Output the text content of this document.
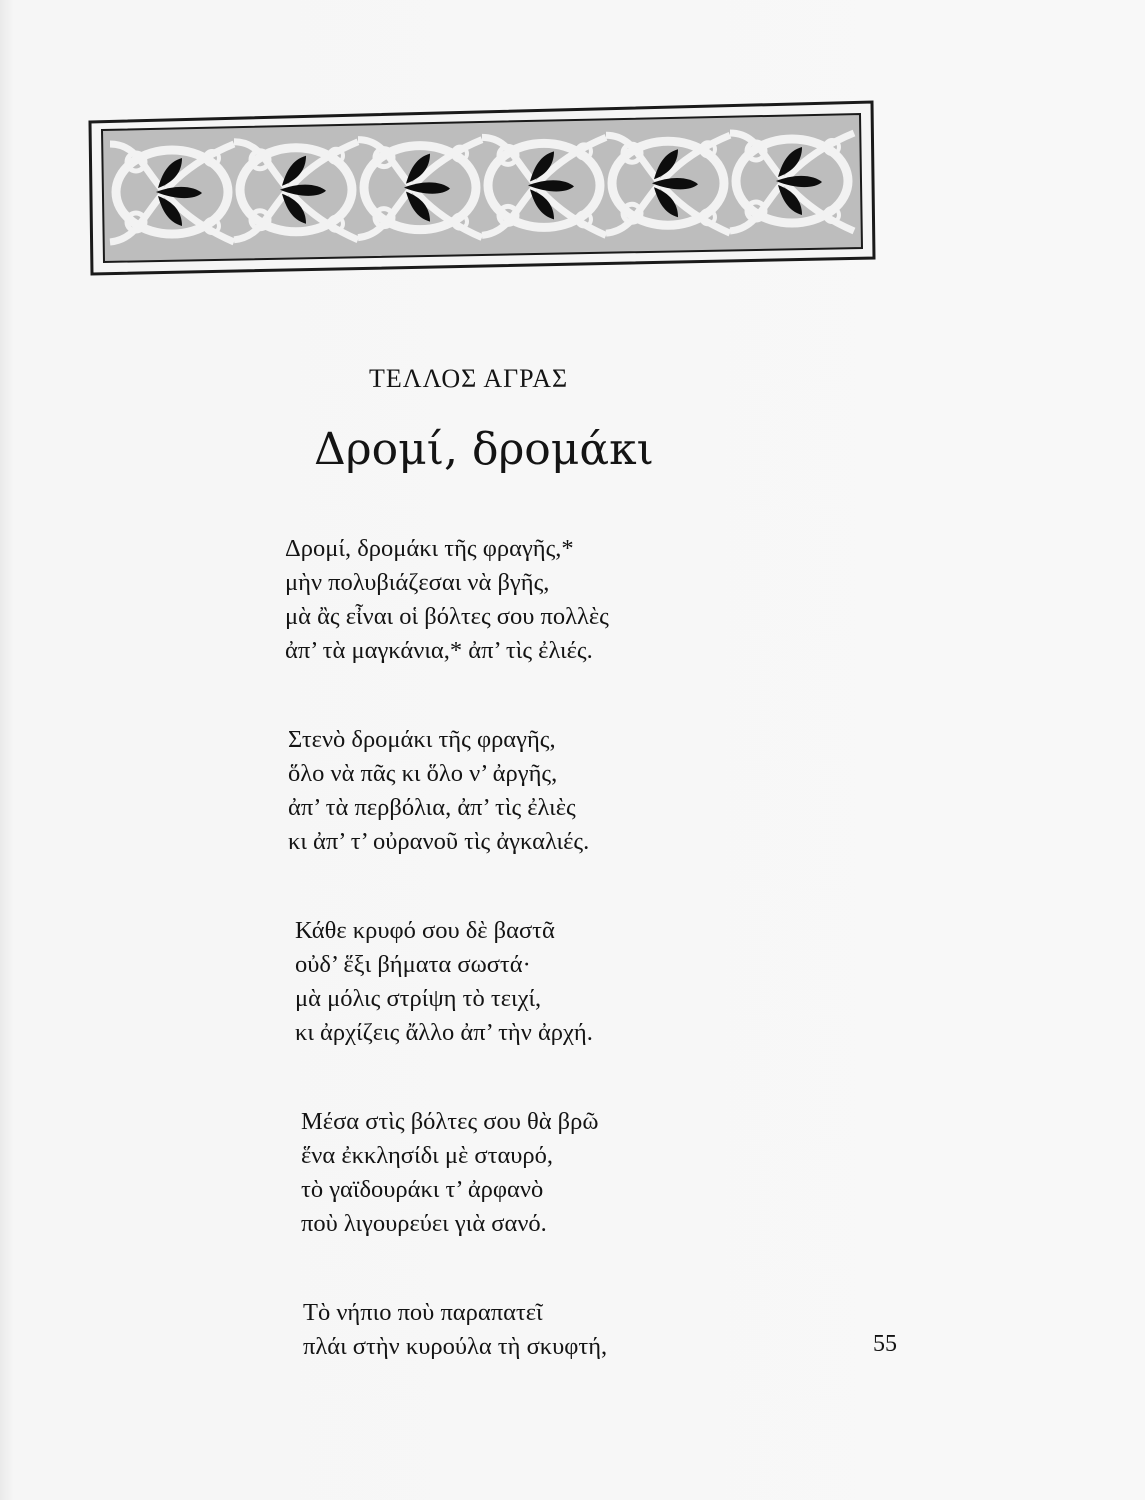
ΤΕΛΛΟΣ ΑΓΡΑΣ
Δρομί, δρομάκι
Δρομί, δρομάκι τῆς φραγῆς,*
μὴν πολυβιάζεσαι νὰ βγῆς,
μὰ ἂς εἶναι οἱ βόλτες σου πολλὲς
ἀπ’ τὰ μαγκάνια,* ἀπ’ τὶς ἐλιές.
Στενὸ δρομάκι τῆς φραγῆς,
ὅλο νὰ πᾶς κι ὅλο ν’ ἀργῆς,
ἀπ’ τὰ περβόλια, ἀπ’ τὶς ἐλιὲς
κι ἀπ’ τ’ οὐρανοῦ τὶς ἀγκαλιές.
Κάθε κρυφό σου δὲ βαστᾶ
οὐδ’ ἕξι βήματα σωστά·
μὰ μόλις στρίψη τὸ τειχί,
κι ἀρχίζεις ἄλλο ἀπ’ τὴν ἀρχή.
Μέσα στὶς βόλτες σου θὰ βρῶ
ἕνα ἐκκλησίδι μὲ σταυρό,
τὸ γαϊδουράκι τ’ ἀρφανὸ
ποὺ λιγουρεύει γιὰ σανό.
Τὸ νήπιο ποὺ παραπατεῖ
πλάι στὴν κυρούλα τὴ σκυφτή,	55
